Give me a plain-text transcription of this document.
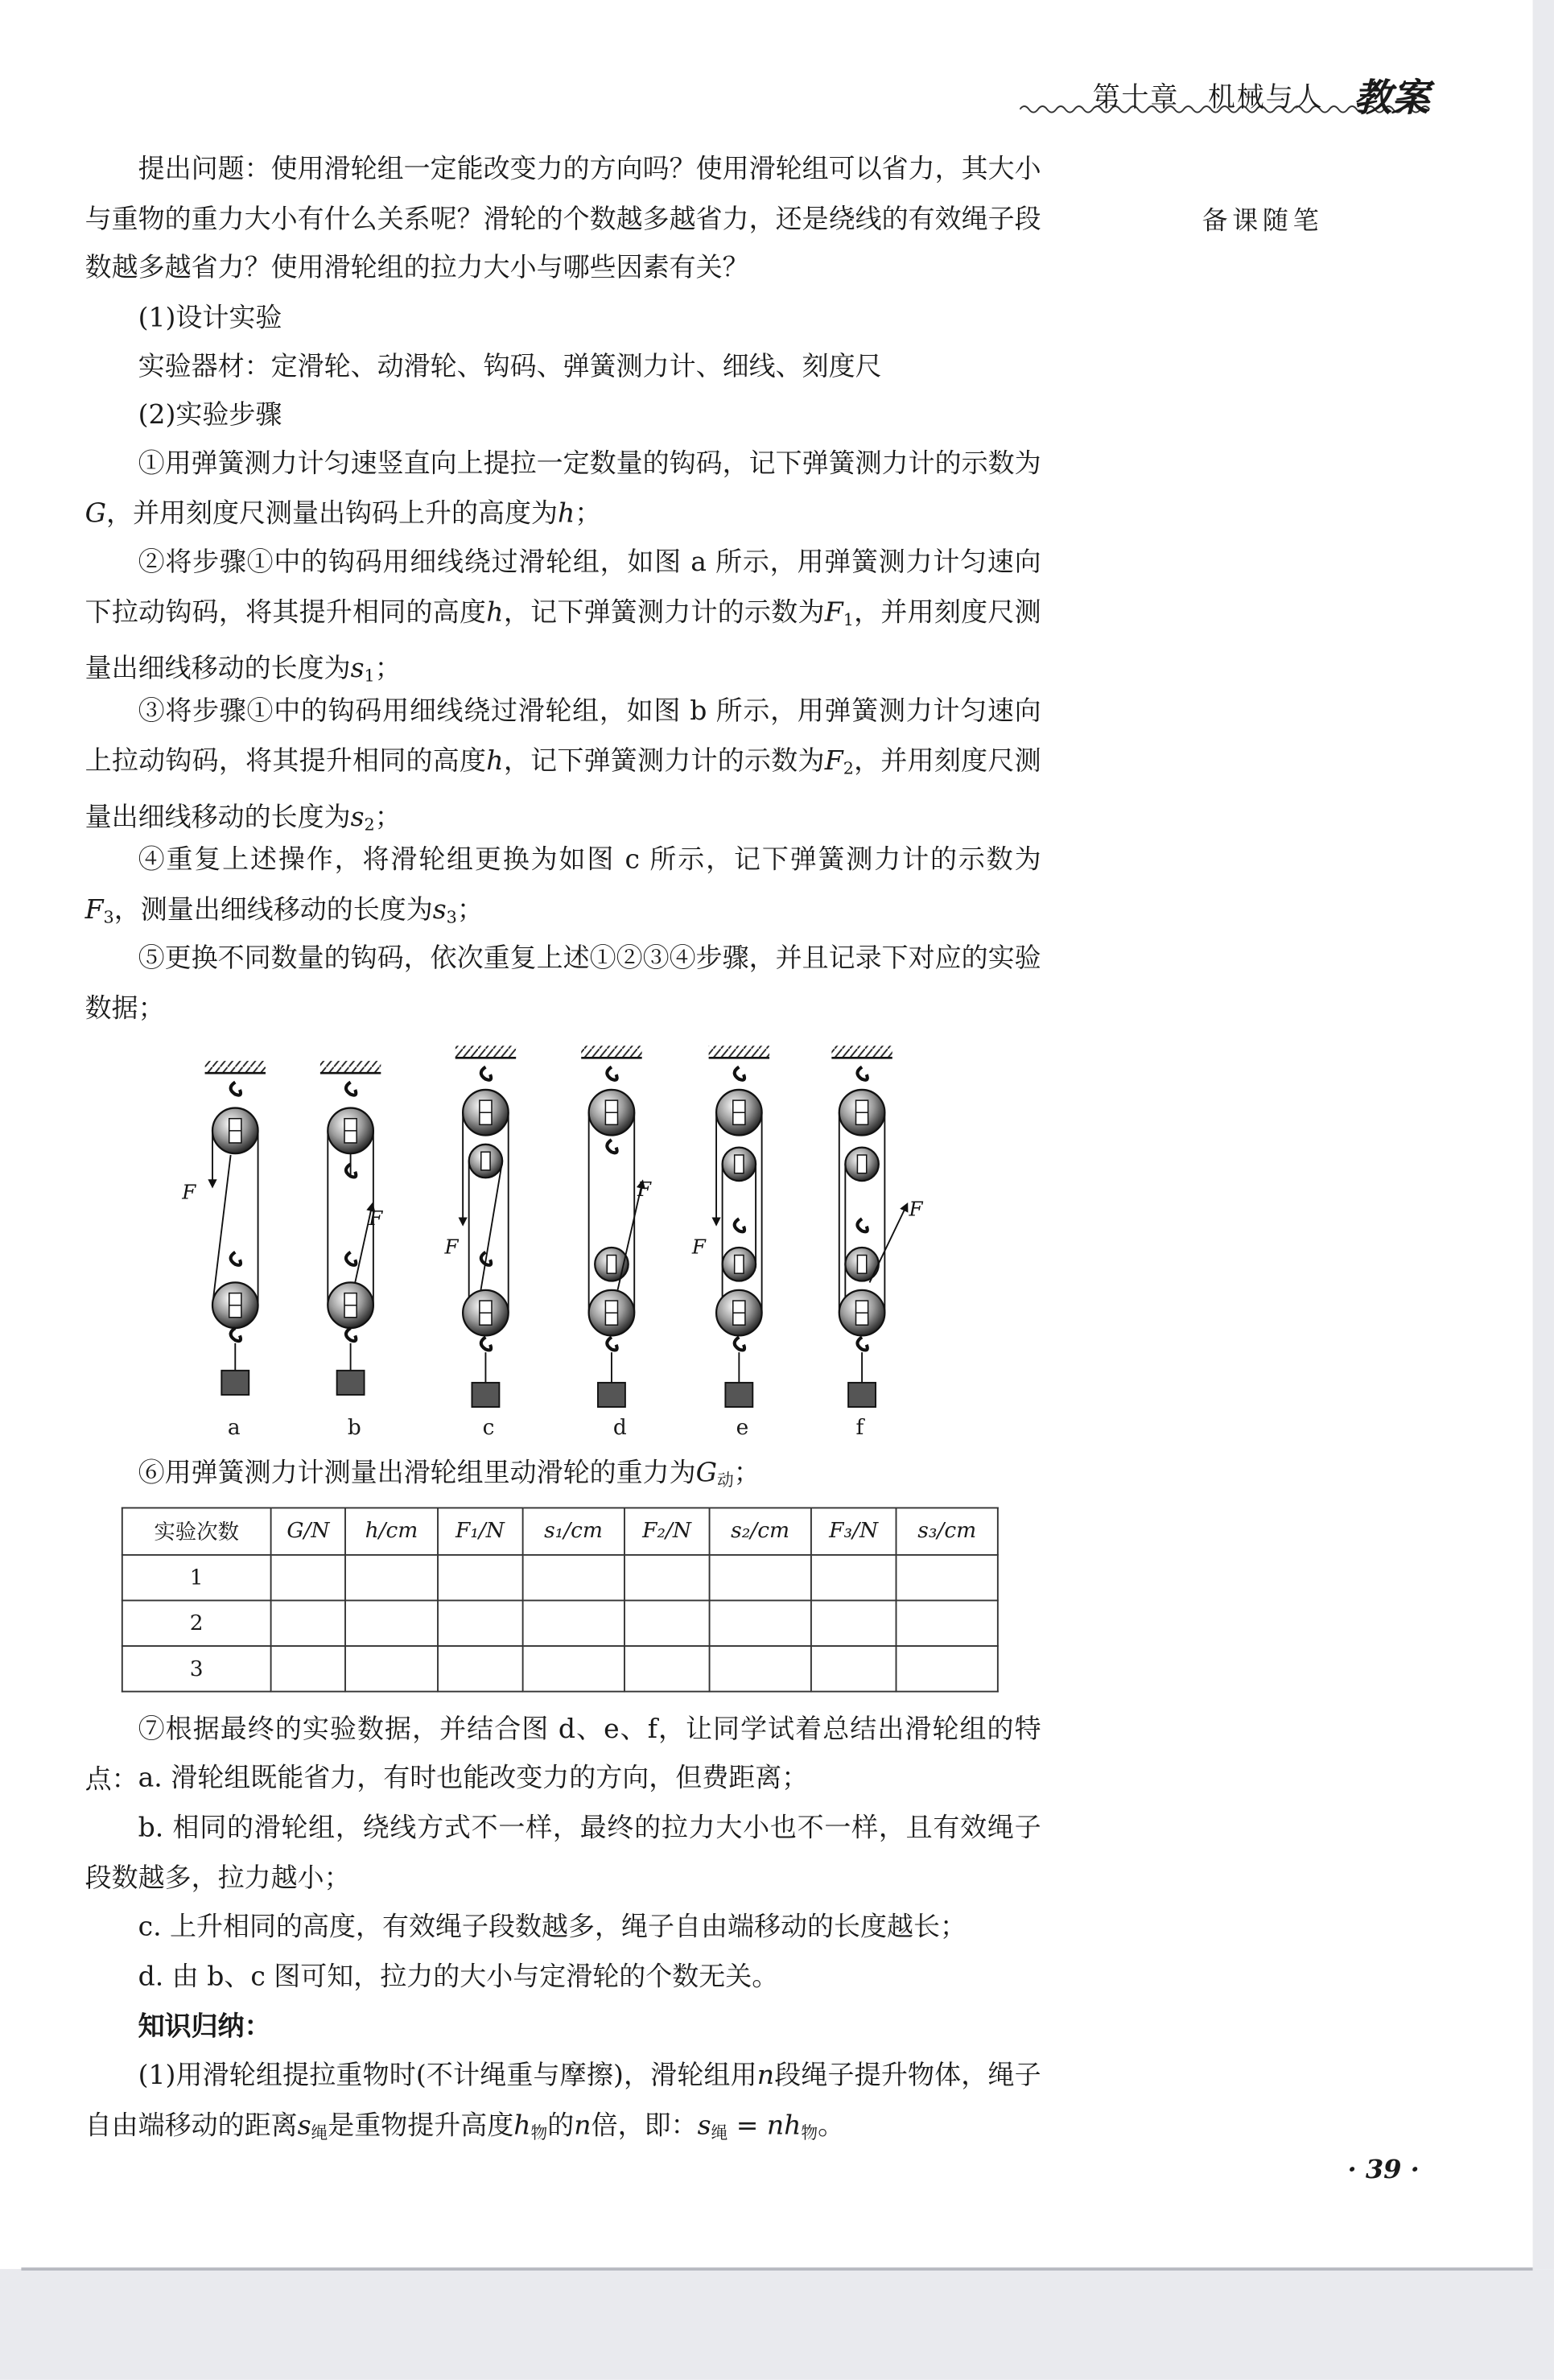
第十章　机械与人 教案
备课随笔

提出问题：使用滑轮组一定能改变力的方向吗？使用滑轮组可以省力，其大小与重物的重力大小有什么关系呢？滑轮的个数越多越省力，还是绕线的有效绳子段数越多越省力？使用滑轮组的拉力大小与哪些因素有关？

(1)设计实验

实验器材：定滑轮、动滑轮、钩码、弹簧测力计、细线、刻度尺

(2)实验步骤

①用弹簧测力计匀速竖直向上提拉一定数量的钩码，记下弹簧测力计的示数为G，并用刻度尺测量出钩码上升的高度为h；

②将步骤①中的钩码用细线绕过滑轮组，如图 a 所示，用弹簧测力计匀速向下拉动钩码，将其提升相同的高度h，记下弹簧测力计的示数为$F_1$，并用刻度尺测量出细线移动的长度为$s_1$；

③将步骤①中的钩码用细线绕过滑轮组，如图 b 所示，用弹簧测力计匀速向上拉动钩码，将其提升相同的高度h，记下弹簧测力计的示数为$F_2$，并用刻度尺测量出细线移动的长度为$s_2$；

④重复上述操作，将滑轮组更换为如图 c 所示，记下弹簧测力计的示数为$F_3$，测量出细线移动的长度为$s_3$；

⑤更换不同数量的钩码，依次重复上述①②③④步骤，并且记录下对应的实验数据；

F
F
F
F
F
F
a	b	c	d	e	f

⑥用弹簧测力计测量出滑轮组里动滑轮的重力为$G_动$；

实验次数	G/N	h/cm	F₁/N	s₁/cm	F₂/N	s₂/cm	F₃/N	s₃/cm
1								
2								
3								

⑦根据最终的实验数据，并结合图 d、e、f，让同学试着总结出滑轮组的特点： a. 滑轮组既能省力，有时也能改变力的方向，但费距离；

b. 相同的滑轮组，绕线方式不一样，最终的拉力大小也不一样，且有效绳子段数越多，拉力越小；

c. 上升相同的高度，有效绳子段数越多，绳子自由端移动的长度越长；

d. 由 b、c 图可知，拉力的大小与定滑轮的个数无关。

知识归纳：

(1)用滑轮组提拉重物时(不计绳重与摩擦)，滑轮组用n段绳子提升物体，绳子自由端移动的距离$s_绳$是重物提升高度$h_物$的n倍，即：$s_绳 = nh_物$。

· 39 ·
